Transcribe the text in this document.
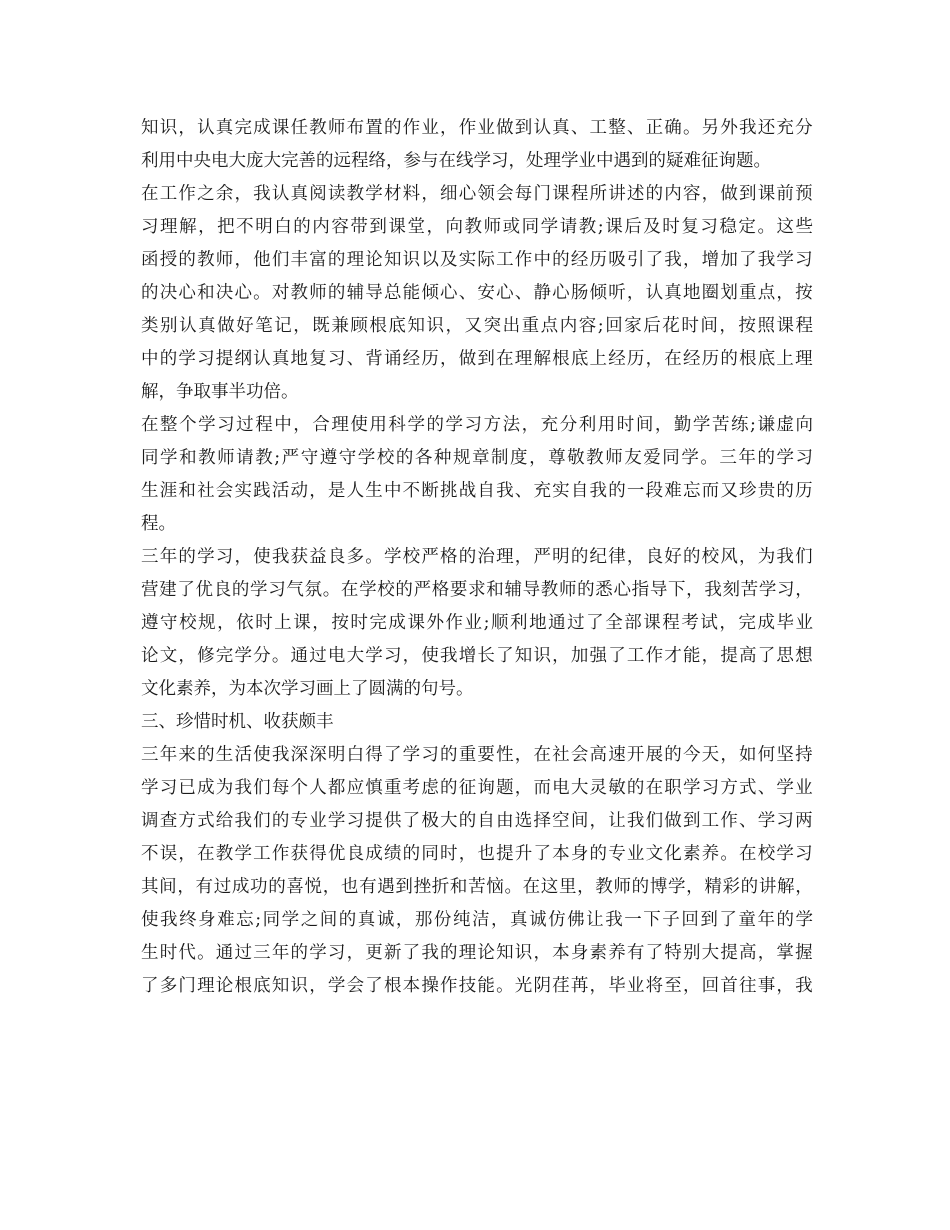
知 识 ， 认 真 完 成 课 任 教 师 布 置 的 作 业 ， 作 业 做 到 认 真 、 工 整 、 正 确 。 另 外 我 还 充 分
利用中央电大庞大完善的远程络，参与在线学习，处理学业中遇到的疑难征询题。
在 工 作 之 余 ， 我 认 真 阅 读 教 学 材 料 ， 细 心 领 会 每 门 课 程 所 讲 述 的 内 容 ， 做 到 课 前 预
习 理 解 ， 把 不 明 白 的 内 容 带 到 课 堂 ， 向 教 师 或 同 学 请 教 ; 课 后 及 时 复 习 稳 定 。 这 些
函 授 的 教 师 ， 他 们 丰 富 的 理 论 知 识 以 及 实 际 工 作 中 的 经 历 吸 引 了 我 ， 增 加 了 我 学 习
的 决 心 和 决 心 。 对 教 师 的 辅 导 总 能 倾 心 、 安 心 、 静 心 肠 倾 听 ， 认 真 地 圈 划 重 点 ， 按
类 别 认 真 做 好 笔 记 ， 既 兼 顾 根 底 知 识 ， 又 突 出 重 点 内 容 ; 回 家 后 花 时 间 ， 按 照 课 程
中 的 学 习 提 纲 认 真 地 复 习 、 背 诵 经 历 ， 做 到 在 理 解 根 底 上 经 历 ， 在 经 历 的 根 底 上 理
解，争取事半功倍。
在 整 个 学 习 过 程 中 ， 合 理 使 用 科 学 的 学 习 方 法 ， 充 分 利 用 时 间 ， 勤 学 苦 练 ; 谦 虚 向
同 学 和 教 师 请 教 ; 严 守 遵 守 学 校 的 各 种 规 章 制 度 ， 尊 敬 教 师 友 爱 同 学 。 三 年 的 学 习
生 涯 和 社 会 实 践 活 动 ， 是 人 生 中 不 断 挑 战 自 我 、 充 实 自 我 的 一 段 难 忘 而 又 珍 贵 的 历
程。
三 年 的 学 习 ， 使 我 获 益 良 多 。 学 校 严 格 的 治 理 ， 严 明 的 纪 律 ， 良 好 的 校 风 ， 为 我 们
营 建 了 优 良 的 学 习 气 氛 。 在 学 校 的 严 格 要 求 和 辅 导 教 师 的 悉 心 指 导 下 ， 我 刻 苦 学 习 ，
遵 守 校 规 ， 依 时 上 课 ， 按 时 完 成 课 外 作 业 ; 顺 利 地 通 过 了 全 部 课 程 考 试 ， 完 成 毕 业
论 文 ， 修 完 学 分 。 通 过 电 大 学 习 ， 使 我 增 长 了 知 识 ， 加 强 了 工 作 才 能 ， 提 高 了 思 想
文化素养，为本次学习画上了圆满的句号。
三、珍惜时机、收获颇丰
三 年 来 的 生 活 使 我 深 深 明 白 得 了 学 习 的 重 要 性 ， 在 社 会 高 速 开 展 的 今 天 ， 如 何 坚 持
学 习 已 成 为 我 们 每 个 人 都 应 慎 重 考 虑 的 征 询 题 ， 而 电 大 灵 敏 的 在 职 学 习 方 式 、 学 业
调 查 方 式 给 我 们 的 专 业 学 习 提 供 了 极 大 的 自 由 选 择 空 间 ， 让 我 们 做 到 工 作 、 学 习 两
不 误 ， 在 教 学 工 作 获 得 优 良 成 绩 的 同 时 ， 也 提 升 了 本 身 的 专 业 文 化 素 养 。 在 校 学 习
其 间 ， 有 过 成 功 的 喜 悦 ， 也 有 遇 到 挫 折 和 苦 恼 。 在 这 里 ， 教 师 的 博 学 ， 精 彩 的 讲 解 ，
使 我 终 身 难 忘 ; 同 学 之 间 的 真 诚 ， 那 份 纯 洁 ， 真 诚 仿 佛 让 我 一 下 子 回 到 了 童 年 的 学
生 时 代 。 通 过 三 年 的 学 习 ， 更 新 了 我 的 理 论 知 识 ， 本 身 素 养 有 了 特 别 大 提 高 ， 掌 握
了 多 门 理 论 根 底 知 识 ， 学 会 了 根 本 操 作 技 能 。 光 阴 荏 苒 ， 毕 业 将 至 ， 回 首 往 事 ， 我
